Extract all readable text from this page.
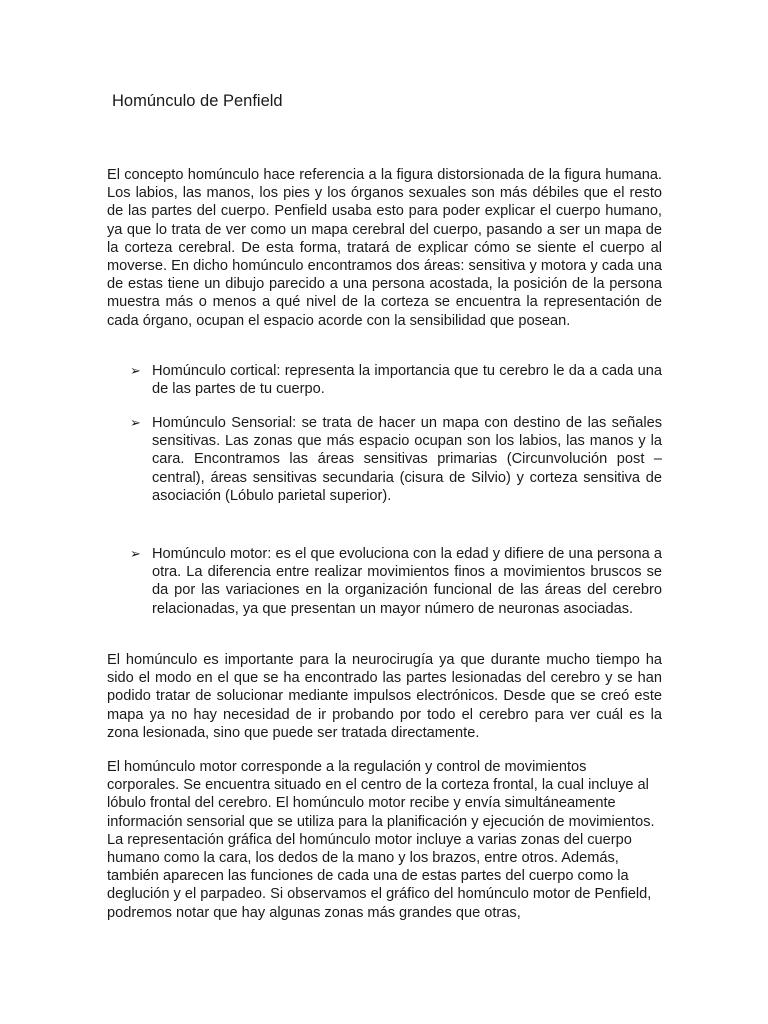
Homúnculo de Penfield

El concepto homúnculo hace referencia a la figura distorsionada de la figura humana. Los labios, las manos, los pies y los órganos sexuales son más débiles que el resto de las partes del cuerpo. Penfield usaba esto para poder explicar el cuerpo humano, ya que lo trata de ver como un mapa cerebral del cuerpo, pasando a ser un mapa de la corteza cerebral. De esta forma, tratará de explicar cómo se siente el cuerpo al moverse. En dicho homúnculo encontramos dos áreas: sensitiva y motora y cada una de estas tiene un dibujo parecido a una persona acostada, la posición de la persona muestra más o menos a qué nivel de la corteza se encuentra la representación de cada órgano, ocupan el espacio acorde con la sensibilidad que posean.

➢ Homúnculo cortical: representa la importancia que tu cerebro le da a cada una de las partes de tu cuerpo.

➢ Homúnculo Sensorial: se trata de hacer un mapa con destino de las señales sensitivas. Las zonas que más espacio ocupan son los labios, las manos y la cara. Encontramos las áreas sensitivas primarias (Circunvolución post – central), áreas sensitivas secundaria (cisura de Silvio) y corteza sensitiva de asociación (Lóbulo parietal superior).

➢ Homúnculo motor: es el que evoluciona con la edad y difiere de una persona a otra. La diferencia entre realizar movimientos finos a movimientos bruscos se da por las variaciones en la organización funcional de las áreas del cerebro relacionadas, ya que presentan un mayor número de neuronas asociadas.

El homúnculo es importante para la neurocirugía ya que durante mucho tiempo ha sido el modo en el que se ha encontrado las partes lesionadas del cerebro y se han podido tratar de solucionar mediante impulsos electrónicos. Desde que se creó este mapa ya no hay necesidad de ir probando por todo el cerebro para ver cuál es la zona lesionada, sino que puede ser tratada directamente.

El homúnculo motor corresponde a la regulación y control de movimientos corporales. Se encuentra situado en el centro de la corteza frontal, la cual incluye al lóbulo frontal del cerebro. El homúnculo motor recibe y envía simultáneamente información sensorial que se utiliza para la planificación y ejecución de movimientos. La representación gráfica del homúnculo motor incluye a varias zonas del cuerpo humano como la cara, los dedos de la mano y los brazos, entre otros. Además, también aparecen las funciones de cada una de estas partes del cuerpo como la deglución y el parpadeo. Si observamos el gráfico del homúnculo motor de Penfield, podremos notar que hay algunas zonas más grandes que otras,
